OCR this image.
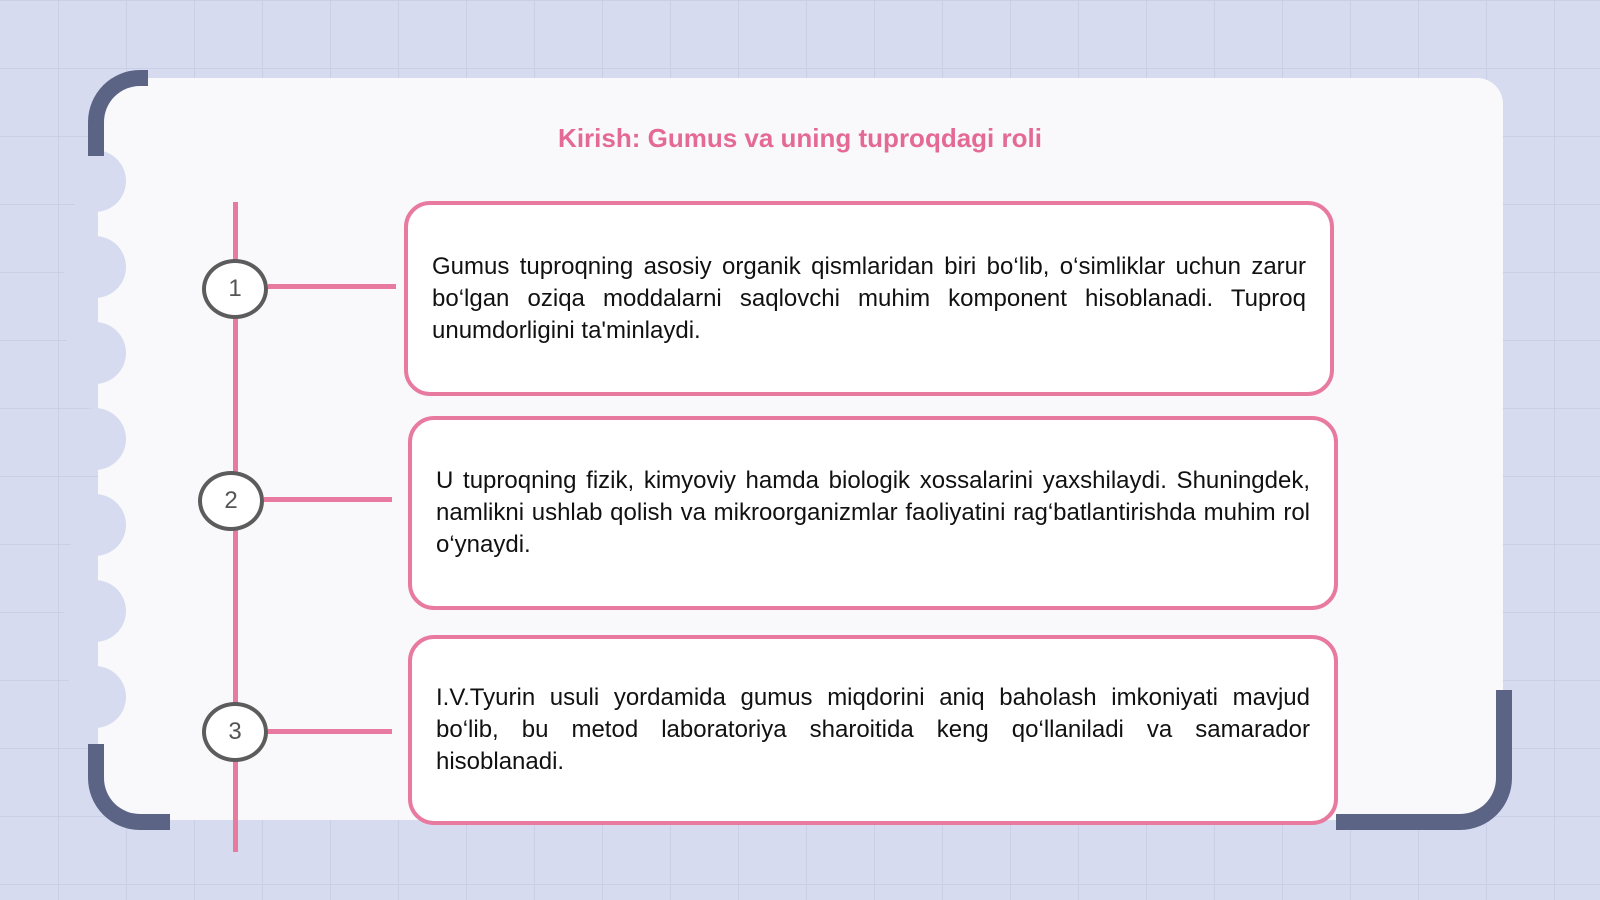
Kirish: Gumus va uning tuproqdagi roli
1
2
3

Gumus tuproqning asosiy organik qismlaridan biri bo‘lib, o‘simliklar uchun zarur bo‘lgan oziqa moddalarni saqlovchi muhim komponent hisoblanadi. Tuproq unumdorligini ta'minlaydi.

U tuproqning fizik, kimyoviy hamda biologik xossalarini yaxshilaydi. Shuningdek, namlikni ushlab qolish va mikroorganizmlar faoliyatini rag‘batlantirishda muhim rol o‘ynaydi.

I.V.Tyurin usuli yordamida gumus miqdorini aniq baholash imkoniyati mavjud bo‘lib, bu metod laboratoriya sharoitida keng qo‘llaniladi va samarador hisoblanadi.
